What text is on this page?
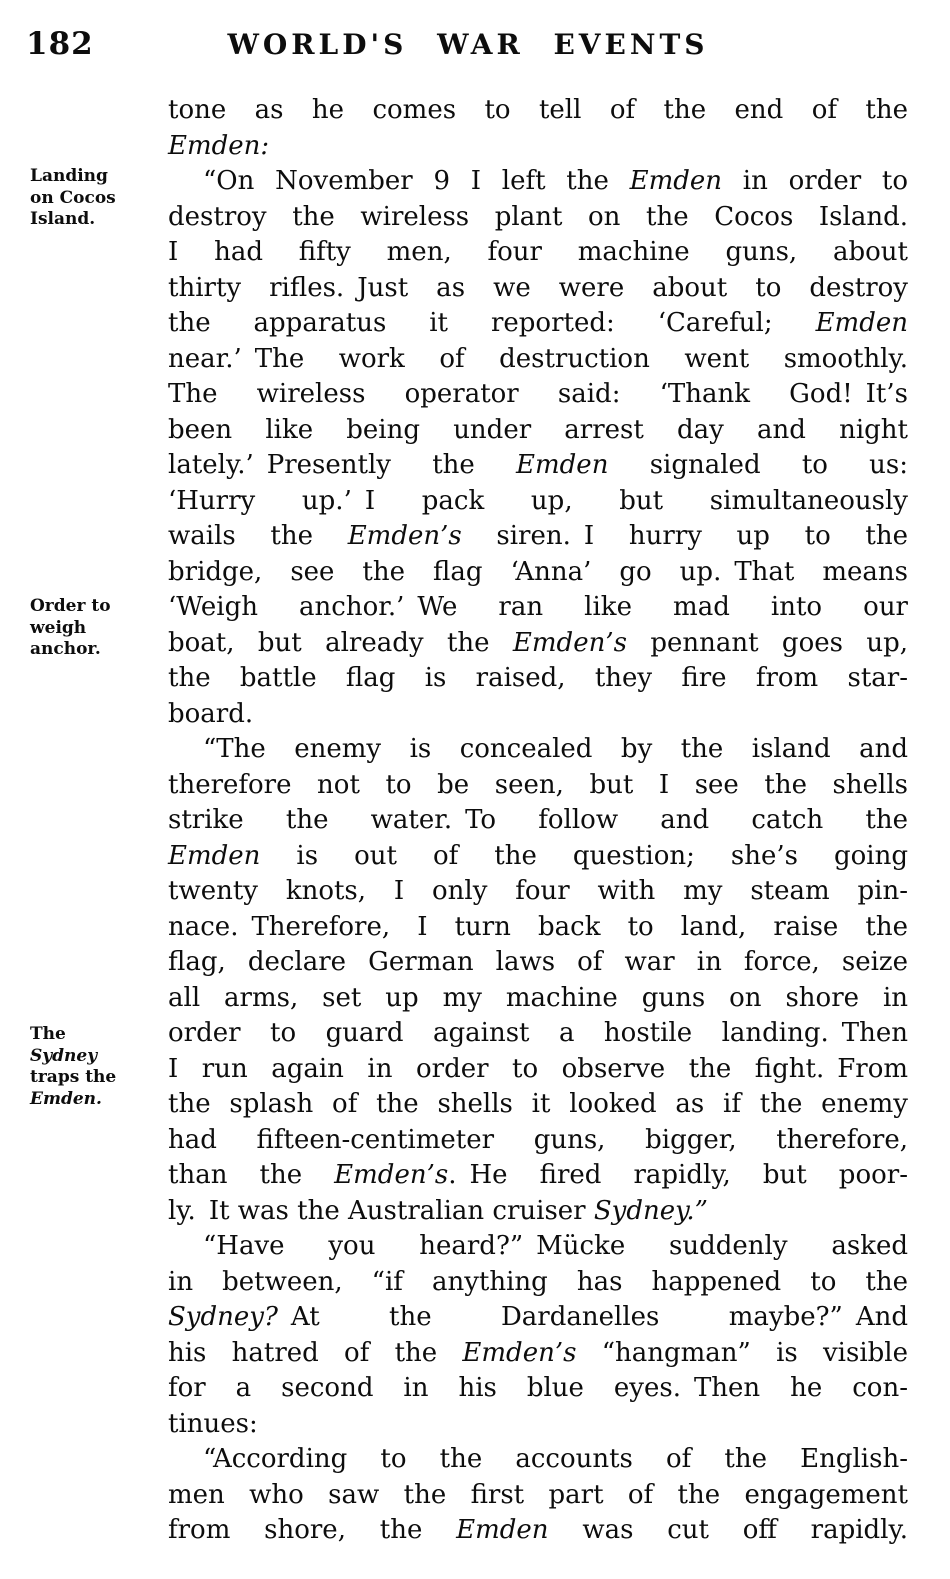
182	WORLD'S WAR EVENTS
Landing
on Cocos
Island.
Order to
weigh
anchor.
The
Sydney
traps the
Emden.
tone as he comes to tell of the end of the
Emden:
“On November 9 I left the Emden in order to
destroy the wireless plant on the Cocos Island.
I had fifty men, four machine guns, about
thirty rifles. Just as we were about to destroy
the apparatus it reported: ‘Careful; Emden
near.’ The work of destruction went smoothly.
The wireless operator said: ‘Thank God! It’s
been like being under arrest day and night
lately.’ Presently the Emden signaled to us:
‘Hurry up.’ I pack up, but simultaneously
wails the Emden’s siren. I hurry up to the
bridge, see the flag ‘Anna’ go up. That means
‘Weigh anchor.’ We ran like mad into our
boat, but already the Emden’s pennant goes up,
the battle flag is raised, they fire from star-
board.
“The enemy is concealed by the island and
therefore not to be seen, but I see the shells
strike the water. To follow and catch the
Emden is out of the question; she’s going
twenty knots, I only four with my steam pin-
nace. Therefore, I turn back to land, raise the
flag, declare German laws of war in force, seize
all arms, set up my machine guns on shore in
order to guard against a hostile landing. Then
I run again in order to observe the fight. From
the splash of the shells it looked as if the enemy
had fifteen-centimeter guns, bigger, therefore,
than the Emden’s. He fired rapidly, but poor-
ly. It was the Australian cruiser Sydney.”
“Have you heard?” Mücke suddenly asked
in between, “if anything has happened to the
Sydney? At the Dardanelles maybe?” And
his hatred of the Emden’s “hangman” is visible
for a second in his blue eyes. Then he con-
tinues:
“According to the accounts of the English-
men who saw the first part of the engagement
from shore, the Emden was cut off rapidly.
